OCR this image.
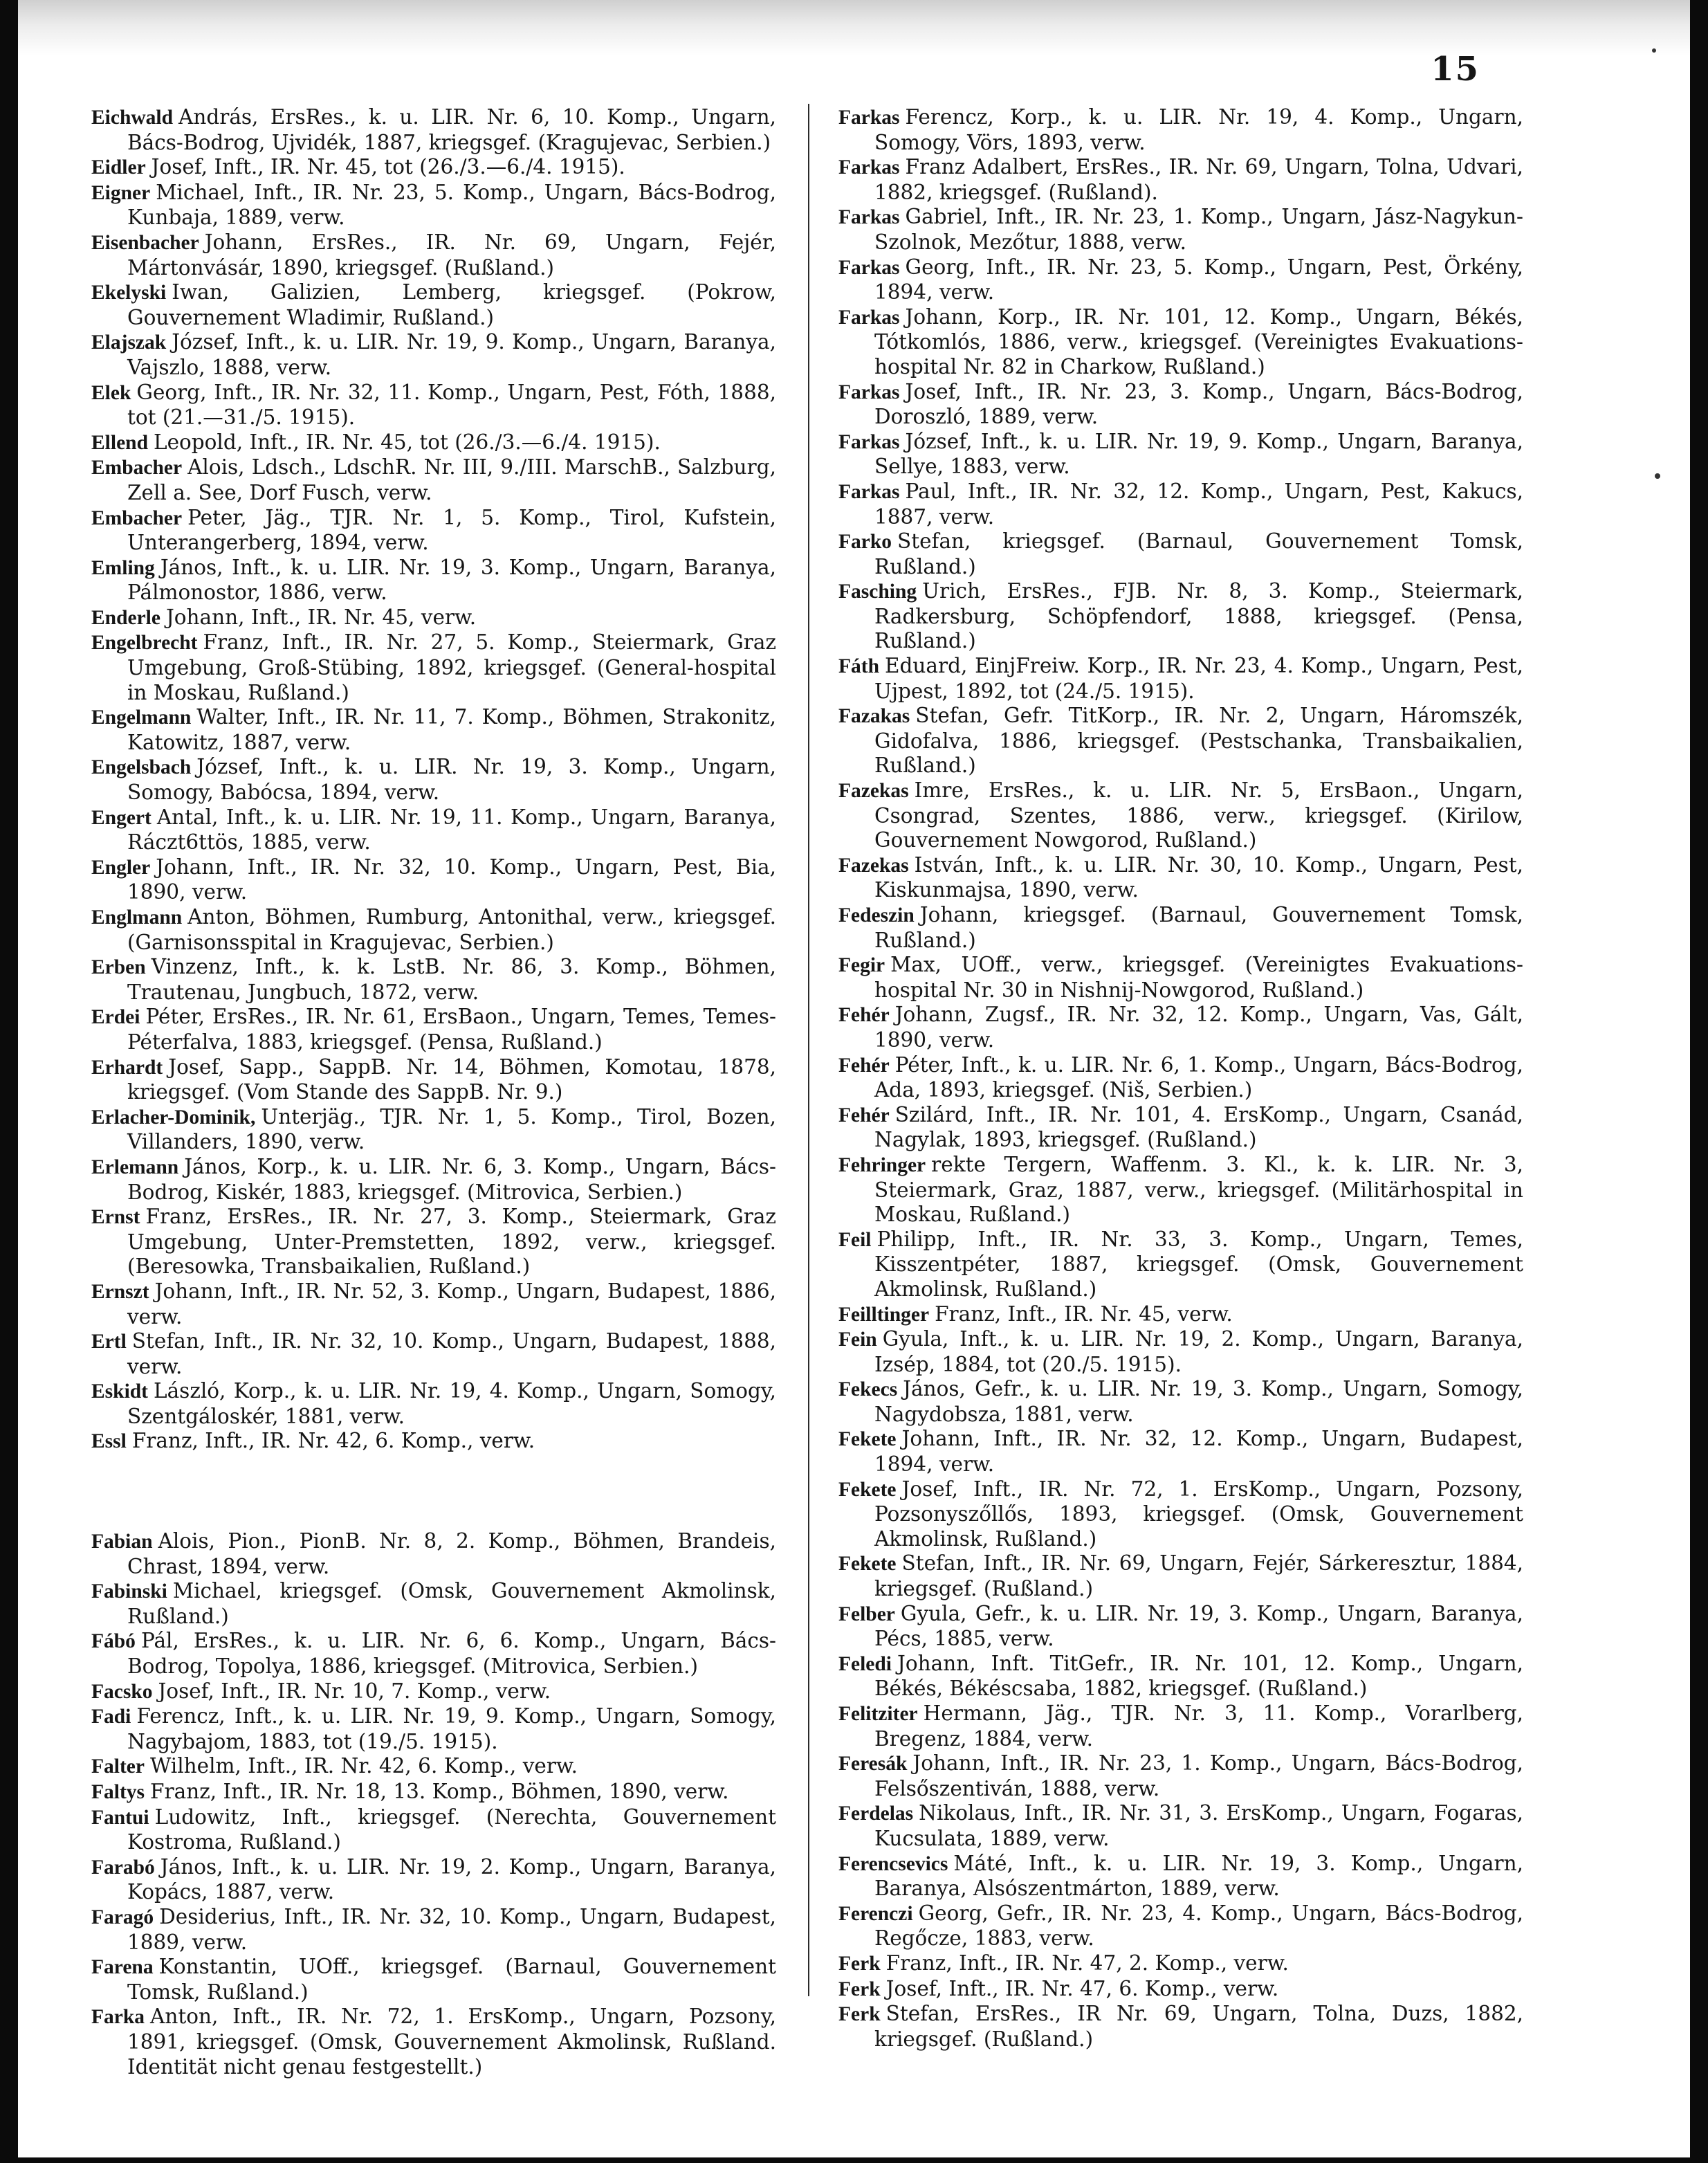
15
Eichwald András, ErsRes., k. u. LIR. Nr. 6, 10. Komp., Ungarn, Bács-Bodrog, Ujvidék, 1887, kriegsgef. (Kragujevac, Serbien.)
Eidler Josef, Inft., IR. Nr. 45, tot (26./3.—6./4. 1915).
Eigner Michael, Inft., IR. Nr. 23, 5. Komp., Ungarn, Bács-Bodrog, Kunbaja, 1889, verw.
Eisenbacher Johann, ErsRes., IR. Nr. 69, Ungarn, Fejér, Mártonvásár, 1890, kriegsgef. (Rußland.)
Ekelyski Iwan, Galizien, Lemberg, kriegsgef. (Pokrow, Gouvernement Wladimir, Rußland.)
Elajszak József, Inft., k. u. LIR. Nr. 19, 9. Komp., Ungarn, Baranya, Vajszlo, 1888, verw.
Elek Georg, Inft., IR. Nr. 32, 11. Komp., Ungarn, Pest, Fóth, 1888, tot (21.—31./5. 1915).
Ellend Leopold, Inft., IR. Nr. 45, tot (26./3.—6./4. 1915).
Embacher Alois, Ldsch., LdschR. Nr. III, 9./III. MarschB., Salzburg, Zell a. See, Dorf Fusch, verw.
Embacher Peter, Jäg., TJR. Nr. 1, 5. Komp., Tirol, Kufstein, Unterangerberg, 1894, verw.
Emling János, Inft., k. u. LIR. Nr. 19, 3. Komp., Ungarn, Baranya, Pálmonostor, 1886, verw.
Enderle Johann, Inft., IR. Nr. 45, verw.
Engelbrecht Franz, Inft., IR. Nr. 27, 5. Komp., Steiermark, Graz Umgebung, Groß-Stübing, 1892, kriegsgef. (General-hospital in Moskau, Rußland.)
Engelmann Walter, Inft., IR. Nr. 11, 7. Komp., Böhmen, Strakonitz, Katowitz, 1887, verw.
Engelsbach József, Inft., k. u. LIR. Nr. 19, 3. Komp., Ungarn, Somogy, Babócsa, 1894, verw.
Engert Antal, Inft., k. u. LIR. Nr. 19, 11. Komp., Ungarn, Baranya, Ráczt6ttös, 1885, verw.
Engler Johann, Inft., IR. Nr. 32, 10. Komp., Ungarn, Pest, Bia, 1890, verw.
Englmann Anton, Böhmen, Rumburg, Antonithal, verw., kriegsgef. (Garnisonsspital in Kragujevac, Serbien.)
Erben Vinzenz, Inft., k. k. LstB. Nr. 86, 3. Komp., Böhmen, Trautenau, Jungbuch, 1872, verw.
Erdei Péter, ErsRes., IR. Nr. 61, ErsBaon., Ungarn, Temes, Temes-Péterfalva, 1883, kriegsgef. (Pensa, Rußland.)
Erhardt Josef, Sapp., SappB. Nr. 14, Böhmen, Komotau, 1878, kriegsgef. (Vom Stande des SappB. Nr. 9.)
Erlacher-Dominik, Unterjäg., TJR. Nr. 1, 5. Komp., Tirol, Bozen, Villanders, 1890, verw.
Erlemann János, Korp., k. u. LIR. Nr. 6, 3. Komp., Ungarn, Bács-Bodrog, Kiskér, 1883, kriegsgef. (Mitrovica, Serbien.)
Ernst Franz, ErsRes., IR. Nr. 27, 3. Komp., Steiermark, Graz Umgebung, Unter-Premstetten, 1892, verw., kriegsgef. (Beresowka, Transbaikalien, Rußland.)
Ernszt Johann, Inft., IR. Nr. 52, 3. Komp., Ungarn, Budapest, 1886, verw.
Ertl Stefan, Inft., IR. Nr. 32, 10. Komp., Ungarn, Budapest, 1888, verw.
Eskidt László, Korp., k. u. LIR. Nr. 19, 4. Komp., Ungarn, Somogy, Szentgáloskér, 1881, verw.
Essl Franz, Inft., IR. Nr. 42, 6. Komp., verw.
Fabian Alois, Pion., PionB. Nr. 8, 2. Komp., Böhmen, Brandeis, Chrast, 1894, verw.
Fabinski Michael, kriegsgef. (Omsk, Gouvernement Akmolinsk, Rußland.)
Fábó Pál, ErsRes., k. u. LIR. Nr. 6, 6. Komp., Ungarn, Bács-Bodrog, Topolya, 1886, kriegsgef. (Mitrovica, Serbien.)
Facsko Josef, Inft., IR. Nr. 10, 7. Komp., verw.
Fadi Ferencz, Inft., k. u. LIR. Nr. 19, 9. Komp., Ungarn, Somogy, Nagybajom, 1883, tot (19./5. 1915).
Falter Wilhelm, Inft., IR. Nr. 42, 6. Komp., verw.
Faltys Franz, Inft., IR. Nr. 18, 13. Komp., Böhmen, 1890, verw.
Fantui Ludowitz, Inft., kriegsgef. (Nerechta, Gouvernement Kostroma, Rußland.)
Farabó János, Inft., k. u. LIR. Nr. 19, 2. Komp., Ungarn, Baranya, Kopács, 1887, verw.
Faragó Desiderius, Inft., IR. Nr. 32, 10. Komp., Ungarn, Budapest, 1889, verw.
Farena Konstantin, UOff., kriegsgef. (Barnaul, Gouvernement Tomsk, Rußland.)
Farka Anton, Inft., IR. Nr. 72, 1. ErsKomp., Ungarn, Pozsony, 1891, kriegsgef. (Omsk, Gouvernement Akmolinsk, Rußland. Identität nicht genau festgestellt.)
Farkas Ferencz, Korp., k. u. LIR. Nr. 19, 4. Komp., Ungarn, Somogy, Vörs, 1893, verw.
Farkas Franz Adalbert, ErsRes., IR. Nr. 69, Ungarn, Tolna, Udvari, 1882, kriegsgef. (Rußland).
Farkas Gabriel, Inft., IR. Nr. 23, 1. Komp., Ungarn, Jász-Nagykun-Szolnok, Mezőtur, 1888, verw.
Farkas Georg, Inft., IR. Nr. 23, 5. Komp., Ungarn, Pest, Örkény, 1894, verw.
Farkas Johann, Korp., IR. Nr. 101, 12. Komp., Ungarn, Békés, Tótkomlós, 1886, verw., kriegsgef. (Vereinigtes Evakuations-hospital Nr. 82 in Charkow, Rußland.)
Farkas Josef, Inft., IR. Nr. 23, 3. Komp., Ungarn, Bács-Bodrog, Doroszló, 1889, verw.
Farkas József, Inft., k. u. LIR. Nr. 19, 9. Komp., Ungarn, Baranya, Sellye, 1883, verw.
Farkas Paul, Inft., IR. Nr. 32, 12. Komp., Ungarn, Pest, Kakucs, 1887, verw.
Farko Stefan, kriegsgef. (Barnaul, Gouvernement Tomsk, Rußland.)
Fasching Urich, ErsRes., FJB. Nr. 8, 3. Komp., Steiermark, Radkersburg, Schöpfendorf, 1888, kriegsgef. (Pensa, Rußland.)
Fáth Eduard, EinjFreiw. Korp., IR. Nr. 23, 4. Komp., Ungarn, Pest, Ujpest, 1892, tot (24./5. 1915).
Fazakas Stefan, Gefr. TitKorp., IR. Nr. 2, Ungarn, Háromszék, Gidofalva, 1886, kriegsgef. (Pestschanka, Transbaikalien, Rußland.)
Fazekas Imre, ErsRes., k. u. LIR. Nr. 5, ErsBaon., Ungarn, Csongrad, Szentes, 1886, verw., kriegsgef. (Kirilow, Gouvernement Nowgorod, Rußland.)
Fazekas István, Inft., k. u. LIR. Nr. 30, 10. Komp., Ungarn, Pest, Kiskunmajsa, 1890, verw.
Fedeszin Johann, kriegsgef. (Barnaul, Gouvernement Tomsk, Rußland.)
Fegir Max, UOff., verw., kriegsgef. (Vereinigtes Evakuations-hospital Nr. 30 in Nishnij-Nowgorod, Rußland.)
Fehér Johann, Zugsf., IR. Nr. 32, 12. Komp., Ungarn, Vas, Gált, 1890, verw.
Fehér Péter, Inft., k. u. LIR. Nr. 6, 1. Komp., Ungarn, Bács-Bodrog, Ada, 1893, kriegsgef. (Niš, Serbien.)
Fehér Szilárd, Inft., IR. Nr. 101, 4. ErsKomp., Ungarn, Csanád, Nagylak, 1893, kriegsgef. (Rußland.)
Fehringer rekte Tergern, Waffenm. 3. Kl., k. k. LIR. Nr. 3, Steiermark, Graz, 1887, verw., kriegsgef. (Militärhospital in Moskau, Rußland.)
Feil Philipp, Inft., IR. Nr. 33, 3. Komp., Ungarn, Temes, Kisszentpéter, 1887, kriegsgef. (Omsk, Gouvernement Akmolinsk, Rußland.)
Feilltinger Franz, Inft., IR. Nr. 45, verw.
Fein Gyula, Inft., k. u. LIR. Nr. 19, 2. Komp., Ungarn, Baranya, Izsép, 1884, tot (20./5. 1915).
Fekecs János, Gefr., k. u. LIR. Nr. 19, 3. Komp., Ungarn, Somogy, Nagydobsza, 1881, verw.
Fekete Johann, Inft., IR. Nr. 32, 12. Komp., Ungarn, Budapest, 1894, verw.
Fekete Josef, Inft., IR. Nr. 72, 1. ErsKomp., Ungarn, Pozsony, Pozsonyszőllős, 1893, kriegsgef. (Omsk, Gouvernement Akmolinsk, Rußland.)
Fekete Stefan, Inft., IR. Nr. 69, Ungarn, Fejér, Sárkeresztur, 1884, kriegsgef. (Rußland.)
Felber Gyula, Gefr., k. u. LIR. Nr. 19, 3. Komp., Ungarn, Baranya, Pécs, 1885, verw.
Feledi Johann, Inft. TitGefr., IR. Nr. 101, 12. Komp., Ungarn, Békés, Békéscsaba, 1882, kriegsgef. (Rußland.)
Felitziter Hermann, Jäg., TJR. Nr. 3, 11. Komp., Vorarlberg, Bregenz, 1884, verw.
Feresák Johann, Inft., IR. Nr. 23, 1. Komp., Ungarn, Bács-Bodrog, Felsőszentiván, 1888, verw.
Ferdelas Nikolaus, Inft., IR. Nr. 31, 3. ErsKomp., Ungarn, Fogaras, Kucsulata, 1889, verw.
Ferencsevics Máté, Inft., k. u. LIR. Nr. 19, 3. Komp., Ungarn, Baranya, Alsószentmárton, 1889, verw.
Ferenczi Georg, Gefr., IR. Nr. 23, 4. Komp., Ungarn, Bács-Bodrog, Regőcze, 1883, verw.
Ferk Franz, Inft., IR. Nr. 47, 2. Komp., verw.
Ferk Josef, Inft., IR. Nr. 47, 6. Komp., verw.
Ferk Stefan, ErsRes., IR Nr. 69, Ungarn, Tolna, Duzs, 1882, kriegsgef. (Rußland.)
